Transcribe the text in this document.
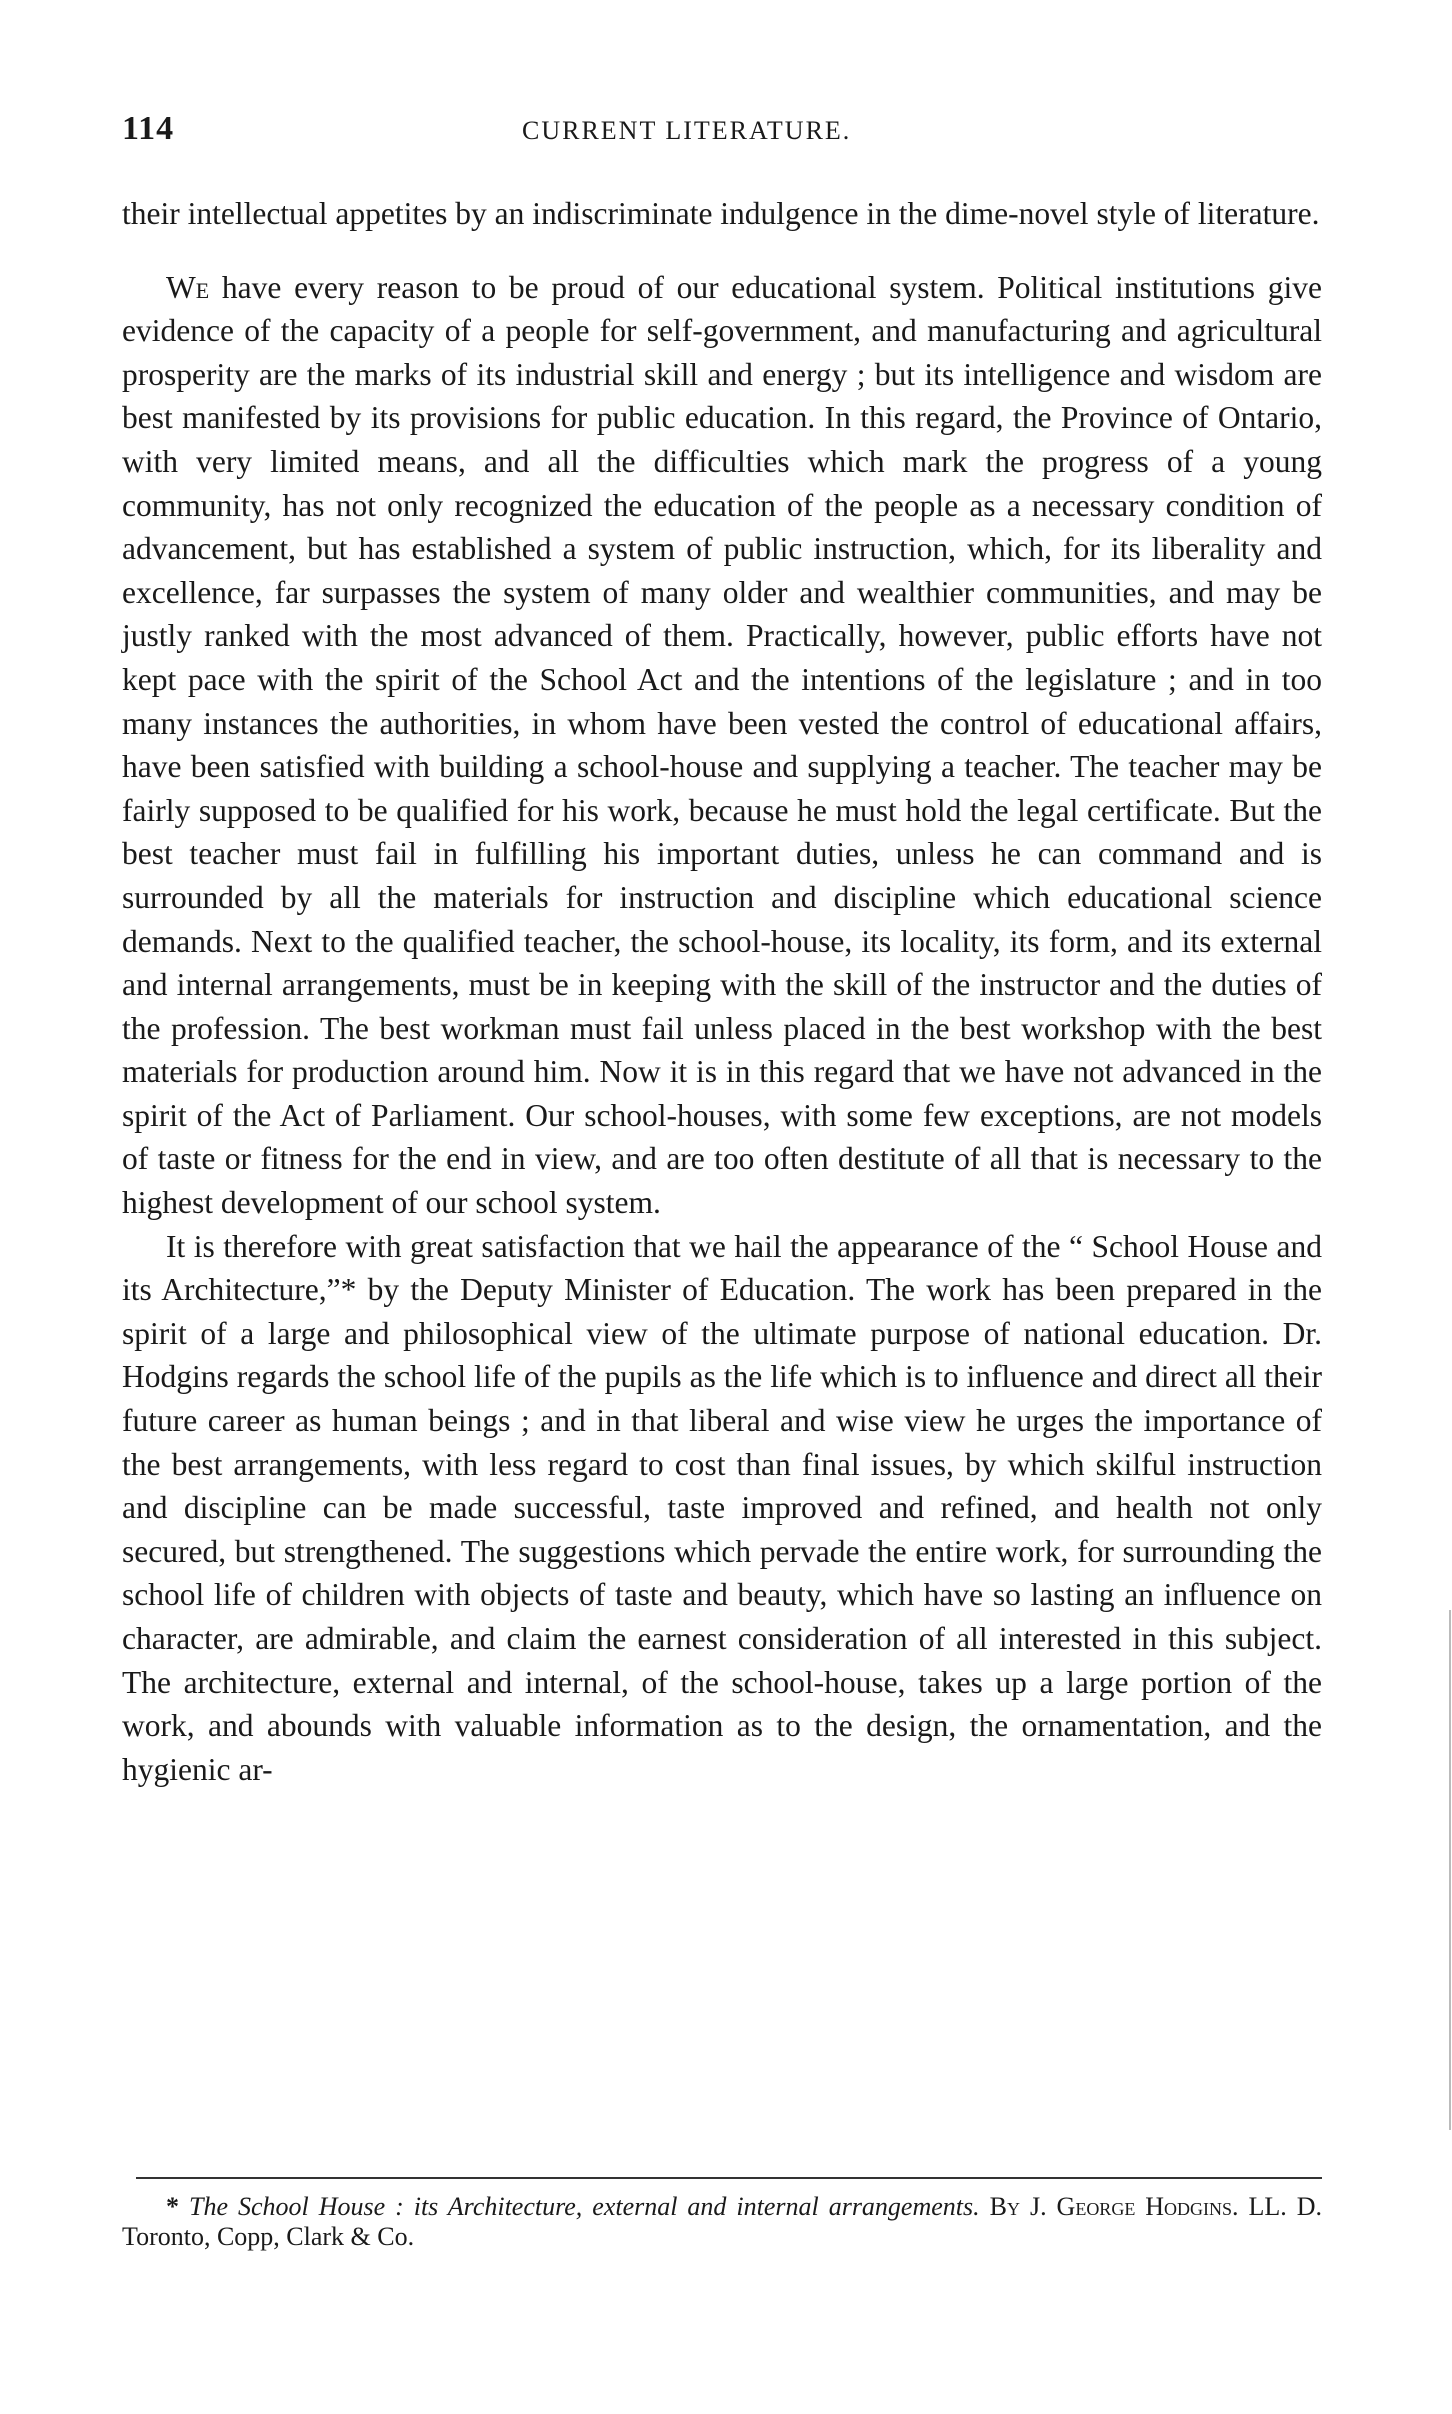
114	CURRENT LITERATURE.

their intellectual appetites by an indiscriminate indulgence in the dime-novel style of literature.

We have every reason to be proud of our educational system. Political institutions give evidence of the capacity of a people for self-government, and manufacturing and agricultural prosperity are the marks of its industrial skill and energy ; but its intelligence and wisdom are best manifested by its provisions for public education. In this regard, the Province of Ontario, with very limited means, and all the difficulties which mark the progress of a young community, has not only recognized the education of the people as a necessary condition of advancement, but has established a system of public instruction, which, for its liberality and excellence, far surpasses the system of many older and wealthier communities, and may be justly ranked with the most advanced of them. Practically, however, public efforts have not kept pace with the spirit of the School Act and the intentions of the legislature ; and in too many instances the authorities, in whom have been vested the control of educational affairs, have been satisfied with building a school-house and supplying a teacher. The teacher may be fairly supposed to be qualified for his work, because he must hold the legal certificate. But the best teacher must fail in fulfilling his important duties, unless he can command and is surrounded by all the materials for instruction and discipline which educational science demands. Next to the qualified teacher, the school-house, its locality, its form, and its external and internal arrangements, must be in keeping with the skill of the instructor and the duties of the profession. The best workman must fail unless placed in the best workshop with the best materials for production around him. Now it is in this regard that we have not advanced in the spirit of the Act of Parliament. Our school-houses, with some few exceptions, are not models of taste or fitness for the end in view, and are too often destitute of all that is necessary to the highest development of our school system.

It is therefore with great satisfaction that we hail the appearance of the “ School House and its Architecture,”* by the Deputy Minister of Education. The work has been prepared in the spirit of a large and philosophical view of the ultimate purpose of national education. Dr. Hodgins regards the school life of the pupils as the life which is to influence and direct all their future career as human beings ; and in that liberal and wise view he urges the importance of the best arrangements, with less regard to cost than final issues, by which skilful instruction and discipline can be made successful, taste improved and refined, and health not only secured, but strengthened. The suggestions which pervade the entire work, for surrounding the school life of children with objects of taste and beauty, which have so lasting an influence on character, are admirable, and claim the earnest consideration of all interested in this subject. The architecture, external and internal, of the school-house, takes up a large portion of the work, and abounds with valuable information as to the design, the ornamentation, and the hygienic ar-

* The School House : its Architecture, external and internal arrangements. By J. George Hodgins. LL. D. Toronto, Copp, Clark & Co.
